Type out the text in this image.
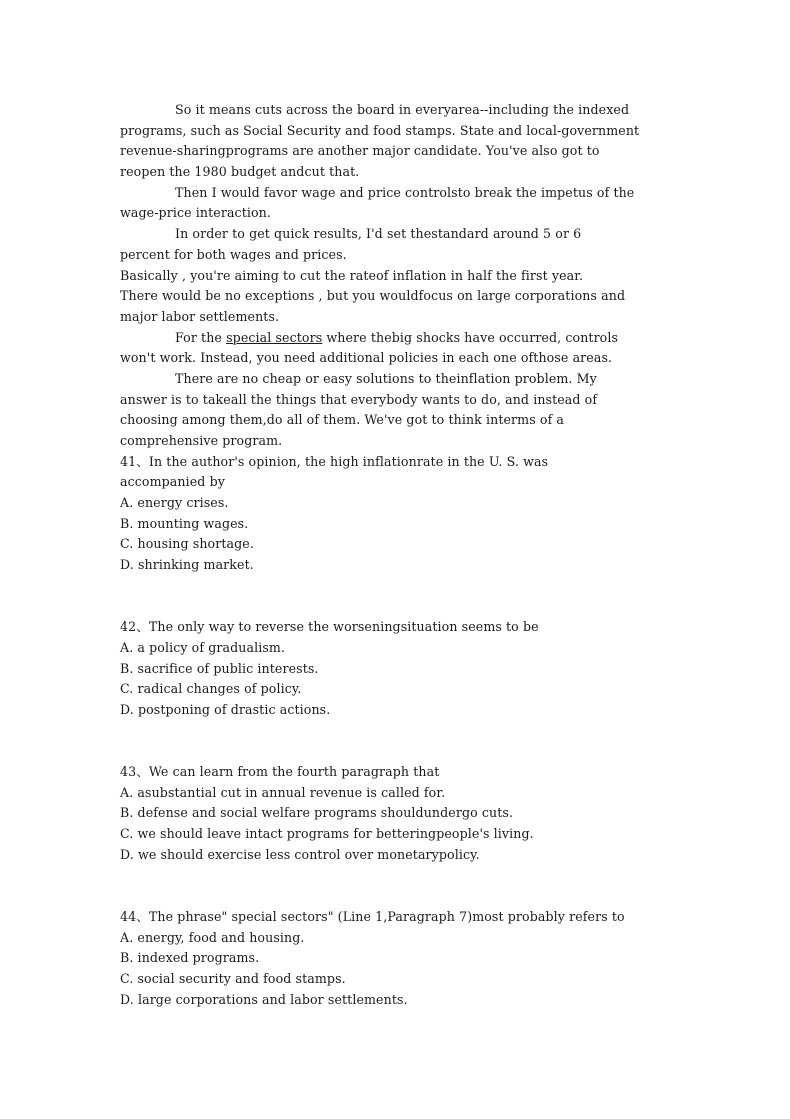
So it means cuts across the board in everyarea--including the indexed
programs, such as Social Security and food stamps. State and local-government
revenue-sharingprograms are another major candidate. You've also got to
reopen the 1980 budget andcut that.
Then I would favor wage and price controlsto break the impetus of the
wage-price interaction.
In order to get quick results, I'd set thestandard around 5 or 6
percent for both wages and prices.
Basically , you're aiming to cut the rateof inflation in half the first year.
There would be no exceptions , but you wouldfocus on large corporations and
major labor settlements.
For the special sectors where thebig shocks have occurred, controls
won't work. Instead, you need additional policies in each one ofthose areas.
There are no cheap or easy solutions to theinflation problem. My
answer is to takeall the things that everybody wants to do, and instead of
choosing among them,do all of them. We've got to think interms of a
comprehensive program.
41、In the author's opinion, the high inflationrate in the U. S. was
accompanied by
A. energy crises.
B. mounting wages.
C. housing shortage.
D. shrinking market.
42、The only way to reverse the worseningsituation seems to be
A. a policy of gradualism.
B. sacrifice of public interests.
C. radical changes of policy.
D. postponing of drastic actions.
43、We can learn from the fourth paragraph that
A. asubstantial cut in annual revenue is called for.
B. defense and social welfare programs shouldundergo cuts.
C. we should leave intact programs for betteringpeople's living.
D. we should exercise less control over monetarypolicy.
44、The phrase" special sectors" (Line 1,Paragraph 7)most probably refers to
A. energy, food and housing.
B. indexed programs.
C. social security and food stamps.
D. large corporations and labor settlements.
